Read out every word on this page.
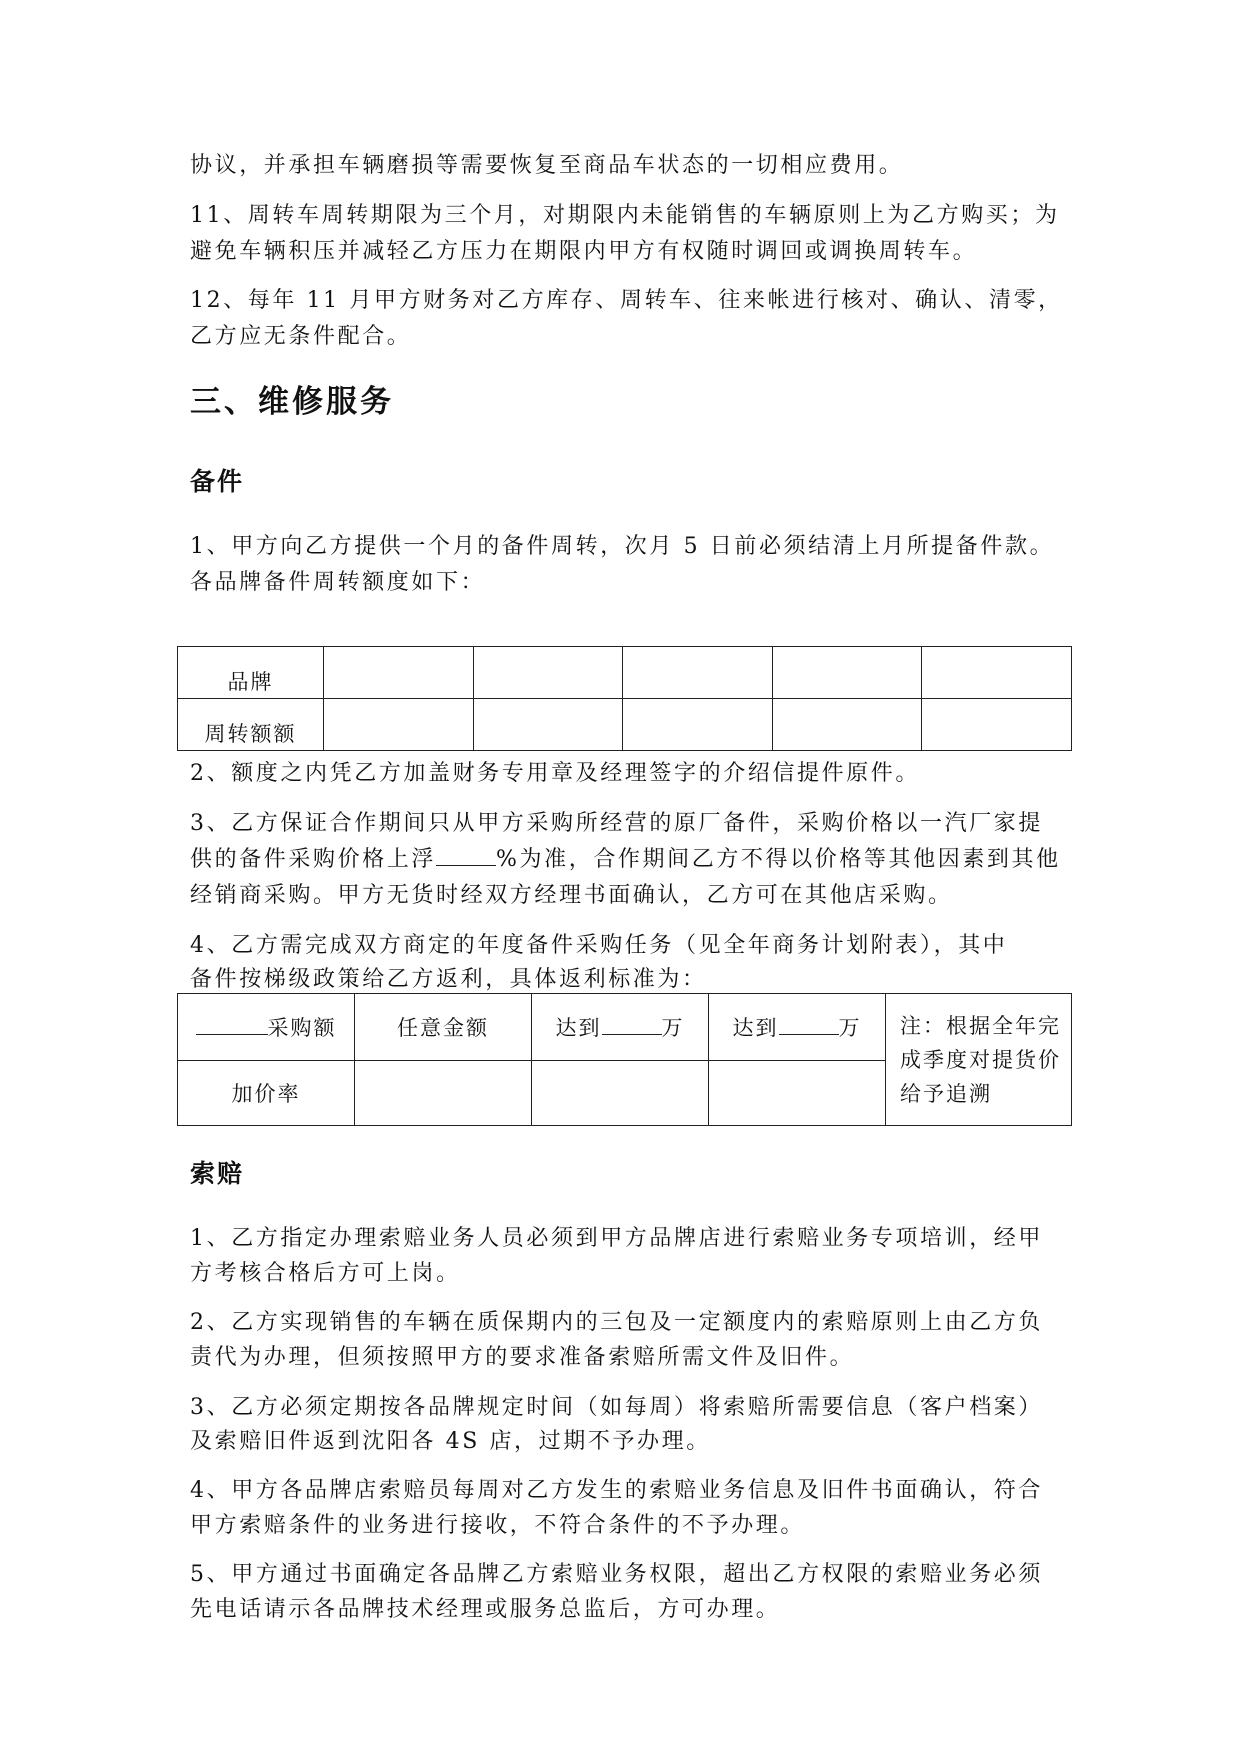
协议，并承担车辆磨损等需要恢复至商品车状态的一切相应费用。

11、周转车周转期限为三个月，对期限内未能销售的车辆原则上为乙方购买；为

避免车辆积压并减轻乙方压力在期限内甲方有权随时调回或调换周转车。

12、每年 11 月甲方财务对乙方库存、周转车、往来帐进行核对、确认、清零，

乙方应无条件配合。

三、维修服务
备件

1、甲方向乙方提供一个月的备件周转，次月 5 日前必须结清上月所提备件款。

各品牌备件周转额度如下：

品牌					
周转额额					

2、额度之内凭乙方加盖财务专用章及经理签字的介绍信提件原件。

3、乙方保证合作期间只从甲方采购所经营的原厂备件，采购价格以一汽厂家提

供的备件采购价格上浮	%为准，合作期间乙方不得以价格等其他因素到其他

经销商采购。甲方无货时经双方经理书面确认，乙方可在其他店采购。

4、乙方需完成双方商定的年度备件采购任务（见全年商务计划附表），其中

备件按梯级政策给乙方返利，具体返利标准为：

采购额	任意金额	达到 万	达到 万	注：根据全年完成季度对提货价给予追溯
加价率				
索赔

1、乙方指定办理索赔业务人员必须到甲方品牌店进行索赔业务专项培训，经甲

方考核合格后方可上岗。

2、乙方实现销售的车辆在质保期内的三包及一定额度内的索赔原则上由乙方负

责代为办理，但须按照甲方的要求准备索赔所需文件及旧件。

3、乙方必须定期按各品牌规定时间（如每周）将索赔所需要信息（客户档案）

及索赔旧件返到沈阳各 4S 店，过期不予办理。

4、甲方各品牌店索赔员每周对乙方发生的索赔业务信息及旧件书面确认，符合

甲方索赔条件的业务进行接收，不符合条件的不予办理。

5、甲方通过书面确定各品牌乙方索赔业务权限，超出乙方权限的索赔业务必须

先电话请示各品牌技术经理或服务总监后，方可办理。
